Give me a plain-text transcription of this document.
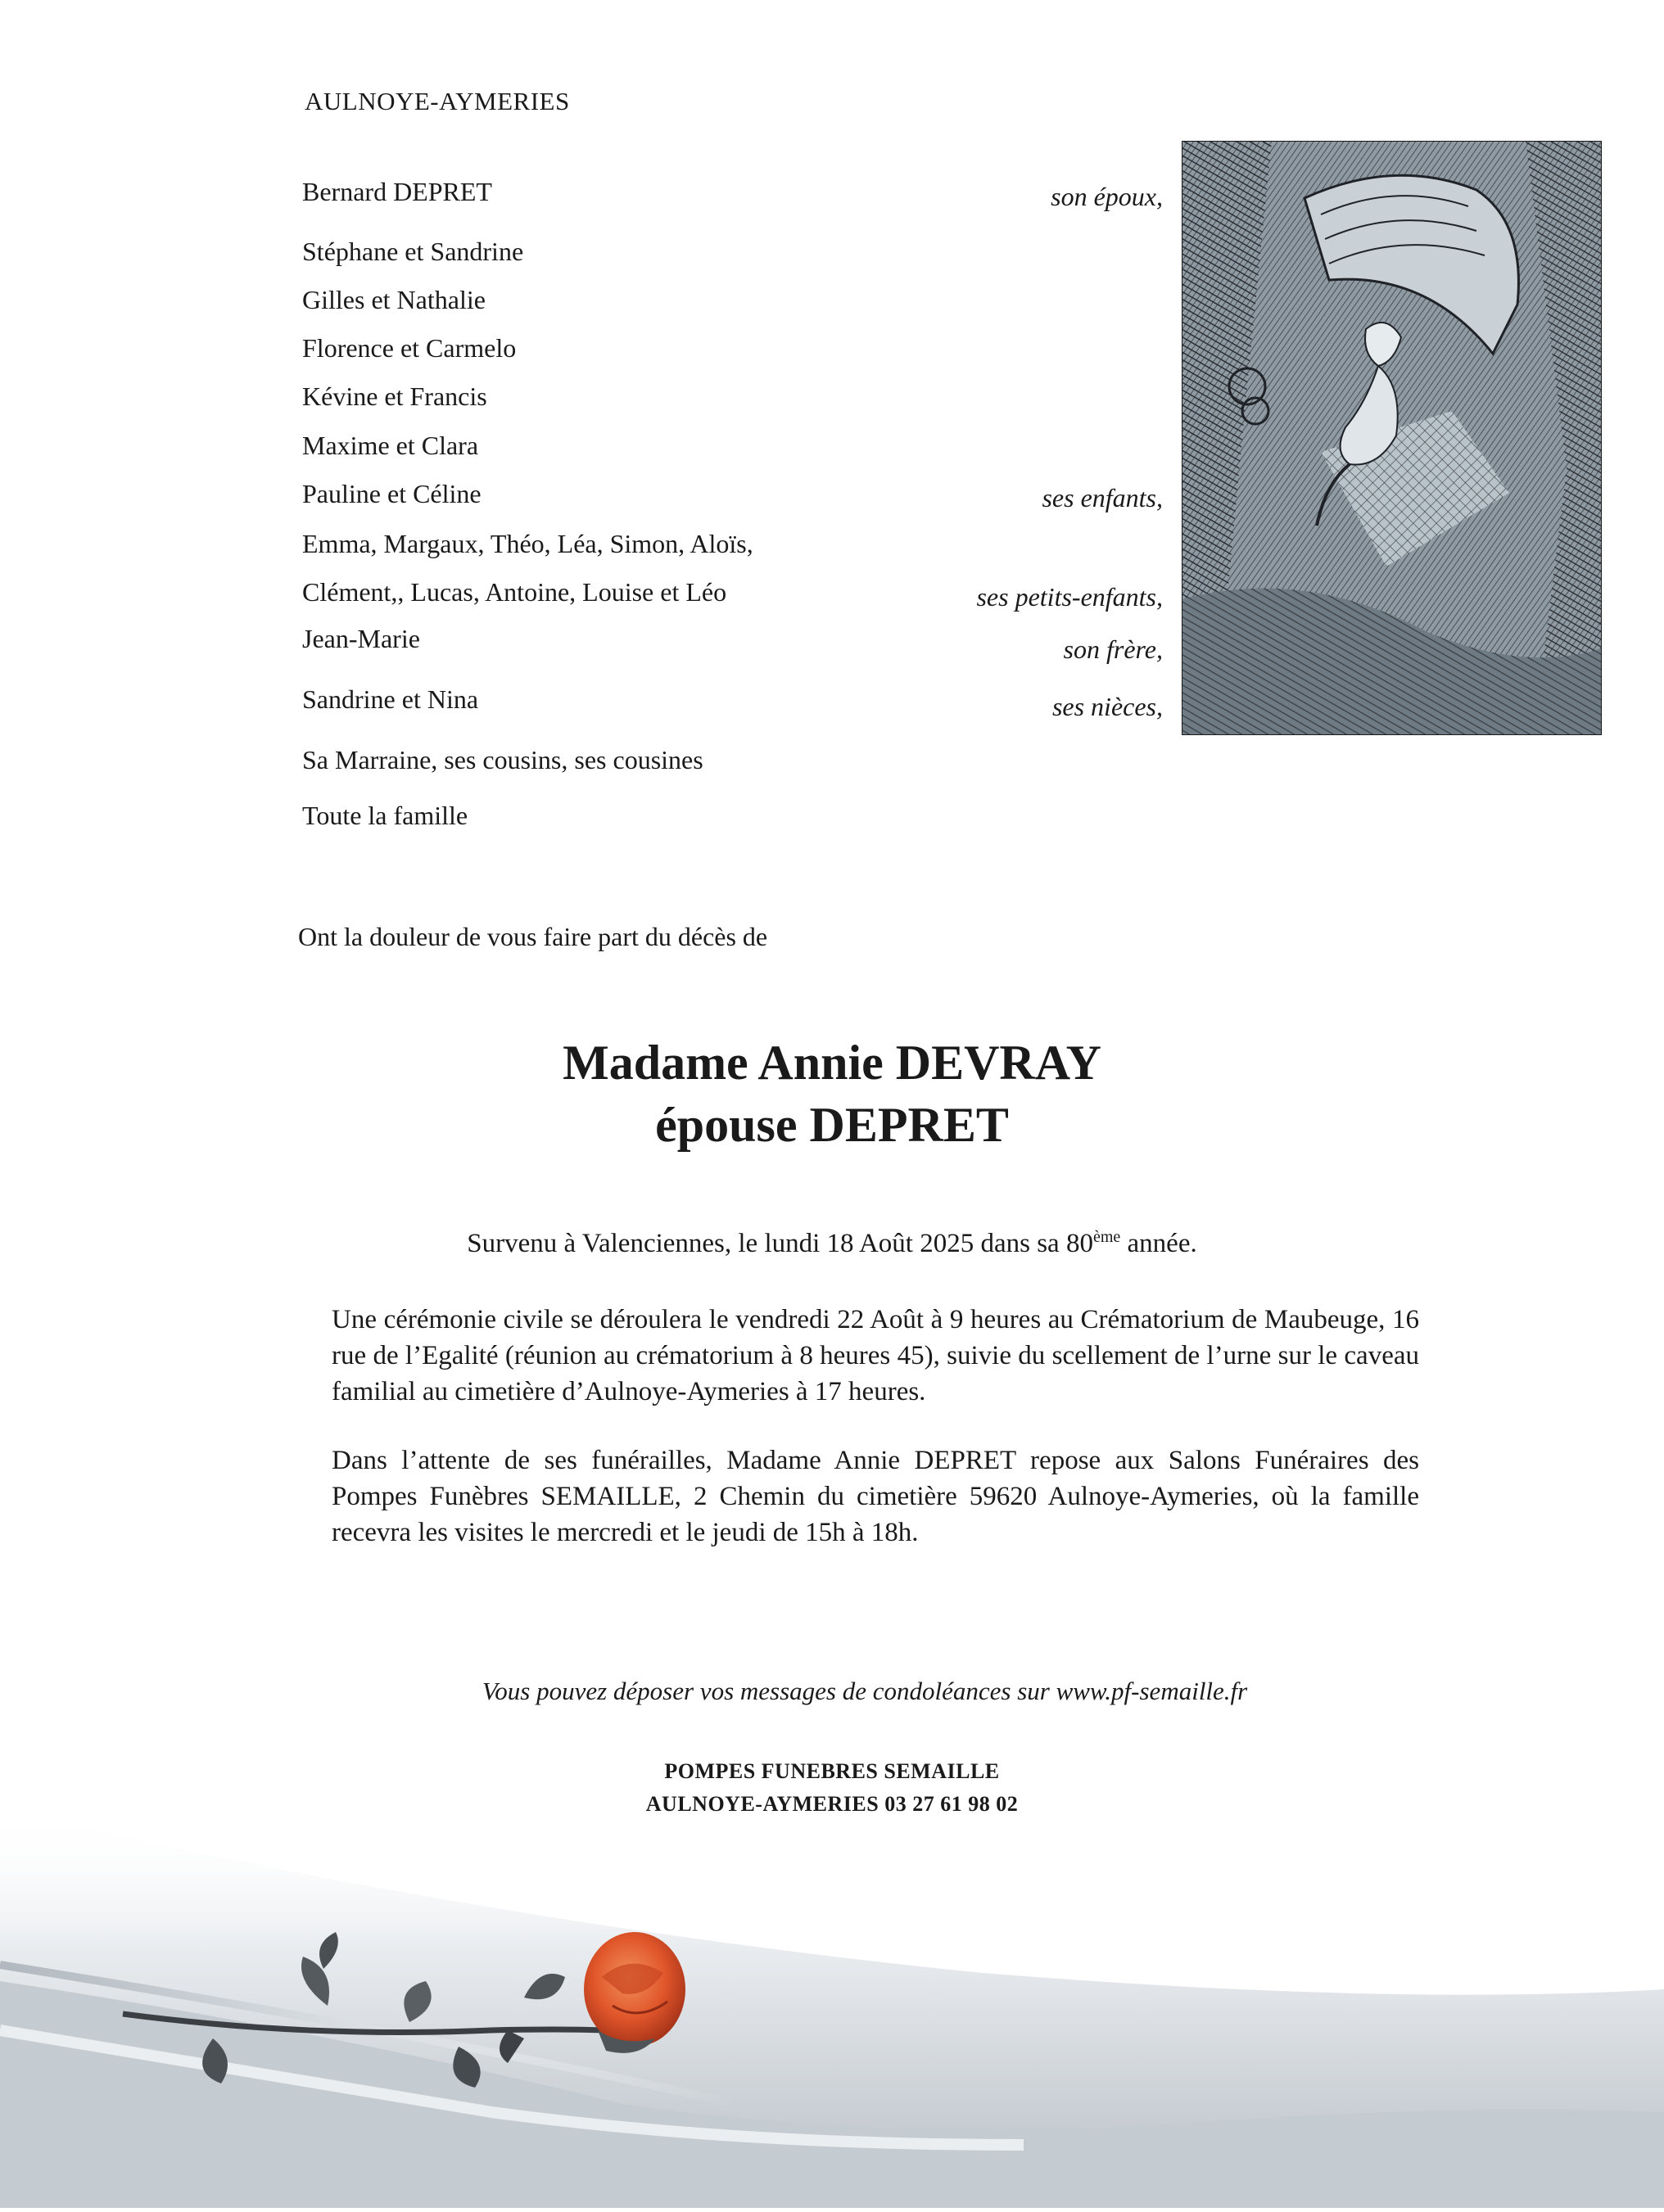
AULNOYE-AYMERIES
Bernard DEPRET	son époux,
Stéphane et Sandrine
Gilles et Nathalie
Florence et Carmelo
Kévine et Francis
Maxime et Clara
Pauline et Céline	ses enfants,
Emma, Margaux, Théo, Léa, Simon, Aloïs,
Clément,, Lucas, Antoine, Louise et Léo	ses petits-enfants,
Jean-Marie	son frère,
Sandrine et Nina	ses nièces,
Sa Marraine, ses cousins, ses cousines
Toute la famille
Ont la douleur de vous faire part du décès de
Madame Annie DEVRAY
épouse DEPRET
Survenu à Valenciennes, le lundi 18 Août 2025 dans sa 80ème année.
Une cérémonie civile se déroulera le vendredi 22 Août à 9 heures au Crématorium de Maubeuge, 16 rue de l’Egalité (réunion au crématorium à 8 heures 45), suivie du scellement de l’urne sur le caveau familial au cimetière d’Aulnoye-Aymeries à 17 heures.
Dans l’attente de ses funérailles, Madame Annie DEPRET repose aux Salons Funéraires des Pompes Funèbres SEMAILLE, 2 Chemin du cimetière 59620 Aulnoye-Aymeries, où la famille recevra les visites le mercredi et le jeudi de 15h à 18h.
Vous pouvez déposer vos messages de condoléances sur www.pf-semaille.fr
POMPES FUNEBRES SEMAILLE
AULNOYE-AYMERIES 03 27 61 98 02
